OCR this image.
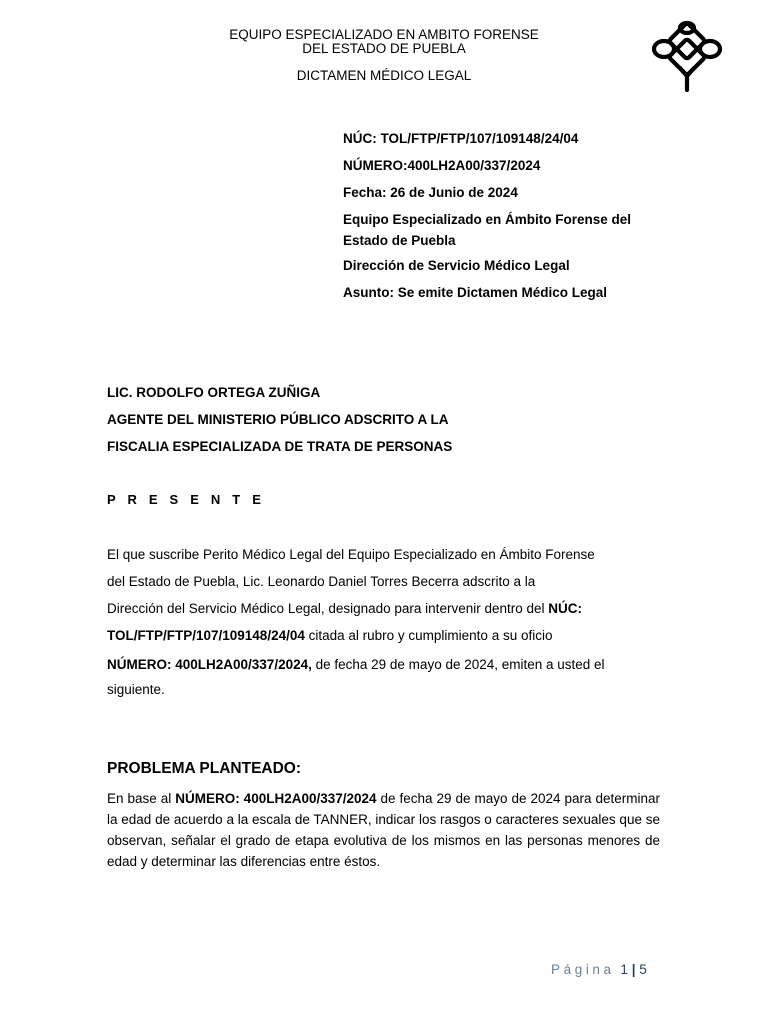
EQUIPO ESPECIALIZADO EN AMBITO FORENSE
DEL ESTADO DE PUEBLA
DICTAMEN MÉDICO LEGAL

NÚC: TOL/FTP/FTP/107/109148/24/04

NÚMERO:400LH2A00/337/2024

Fecha: 26 de Junio de 2024

Equipo Especializado en Ámbito Forense del
Estado de Puebla

Dirección de Servicio Médico Legal

Asunto: Se emite Dictamen Médico Legal

LIC. RODOLFO ORTEGA ZUÑIGA

AGENTE DEL MINISTERIO PÚBLICO ADSCRITO A LA

FISCALIA ESPECIALIZADA DE TRATA DE PERSONAS

P R E S E N T E
El que suscribe Perito Médico Legal del Equipo Especializado en Ámbito Forense
del Estado de Puebla, Lic. Leonardo Daniel Torres Becerra adscrito a la
Dirección del Servicio Médico Legal, designado para intervenir dentro del NÚC:
TOL/FTP/FTP/107/109148/24/04 citada al rubro y cumplimiento a su oficio
NÚMERO: 400LH2A00/337/2024, de fecha 29 de mayo de 2024, emiten a usted el
siguiente.
PROBLEMA PLANTEADO:
En base al NÚMERO: 400LH2A00/337/2024 de fecha 29 de mayo de 2024 para determinar la edad de acuerdo a la escala de TANNER, indicar los rasgos o caracteres sexuales que se observan, señalar el grado de etapa evolutiva de los mismos en las personas menores de edad y determinar las diferencias entre éstos.
Página 1 | 5
